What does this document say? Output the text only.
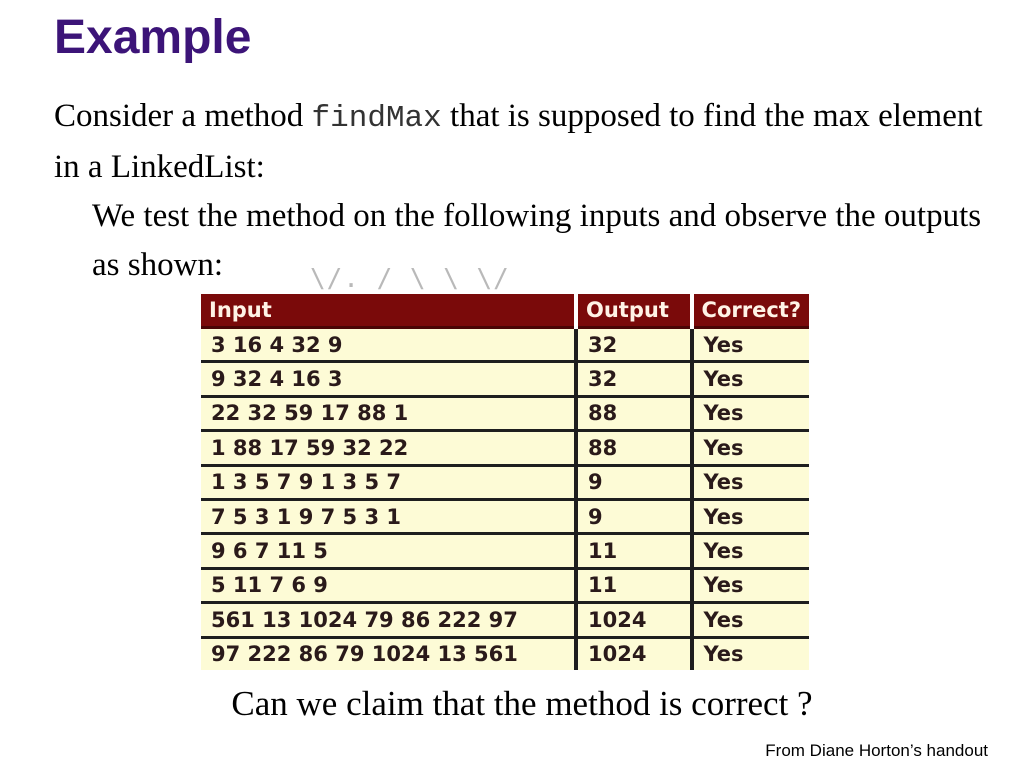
Example
\/. / \ \ \/

Consider a method findMax that is supposed to find the max element in a LinkedList:

We test the method on the following inputs and observe the outputs as shown:

Input	Output	Correct?
3 16 4 32 9	32	Yes
9 32 4 16 3	32	Yes
22 32 59 17 88 1	88	Yes
1 88 17 59 32 22	88	Yes
1 3 5 7 9 1 3 5 7	9	Yes
7 5 3 1 9 7 5 3 1	9	Yes
9 6 7 11 5	11	Yes
5 11 7 6 9	11	Yes
561 13 1024 79 86 222 97	1024	Yes
97 222 86 79 1024 13 561	1024	Yes
Can we claim that the method is correct ?
From Diane Horton’s handout
